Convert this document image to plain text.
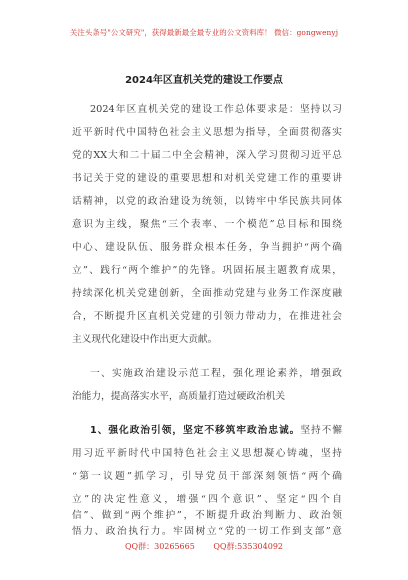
关注头条号"公文研究"，获得最新最全最专业的公文资料库！ 微信：gongwenyj
2024年区直机关党的建设工作要点
2024年区直机关党的建设工作总体要求是：坚持以习
近平新时代中国特色社会主义思想为指导，全面贯彻落实
党的XX大和二十届二中全会精神，深入学习贯彻习近平总
书记关于党的建设的重要思想和对机关党建工作的重要讲
话精神，以党的政治建设为统领，以铸牢中华民族共同体
意识为主线，聚焦“三个表率、一个模范”总目标和围绕
中心、建设队伍、服务群众根本任务，争当拥护“两个确
立”、践行“两个维护”的先锋。巩固拓展主题教育成果，
持续深化机关党建创新，全面推动党建与业务工作深度融
合，不断提升区直机关党建的引领力带动力，在推进社会
主义现代化建设中作出更大贡献。
一、实施政治建设示范工程，强化理论素养，增强政
治能力，提高落实水平，高质量打造过硬政治机关
1、强化政治引领，坚定不移筑牢政治忠诚。坚持不懈
用习近平新时代中国特色社会主义思想凝心铸魂，坚持
“第一议题”抓学习，引导党员干部深刻领悟“两个确
立”的决定性意义，增强“四个意识”、坚定“四个自
信”、做到“两个维护”，不断提升政治判断力、政治领
悟力、政治执行力。牢固树立“党的一切工作到支部”意
QQ群：30265665 QQ群:535304092
